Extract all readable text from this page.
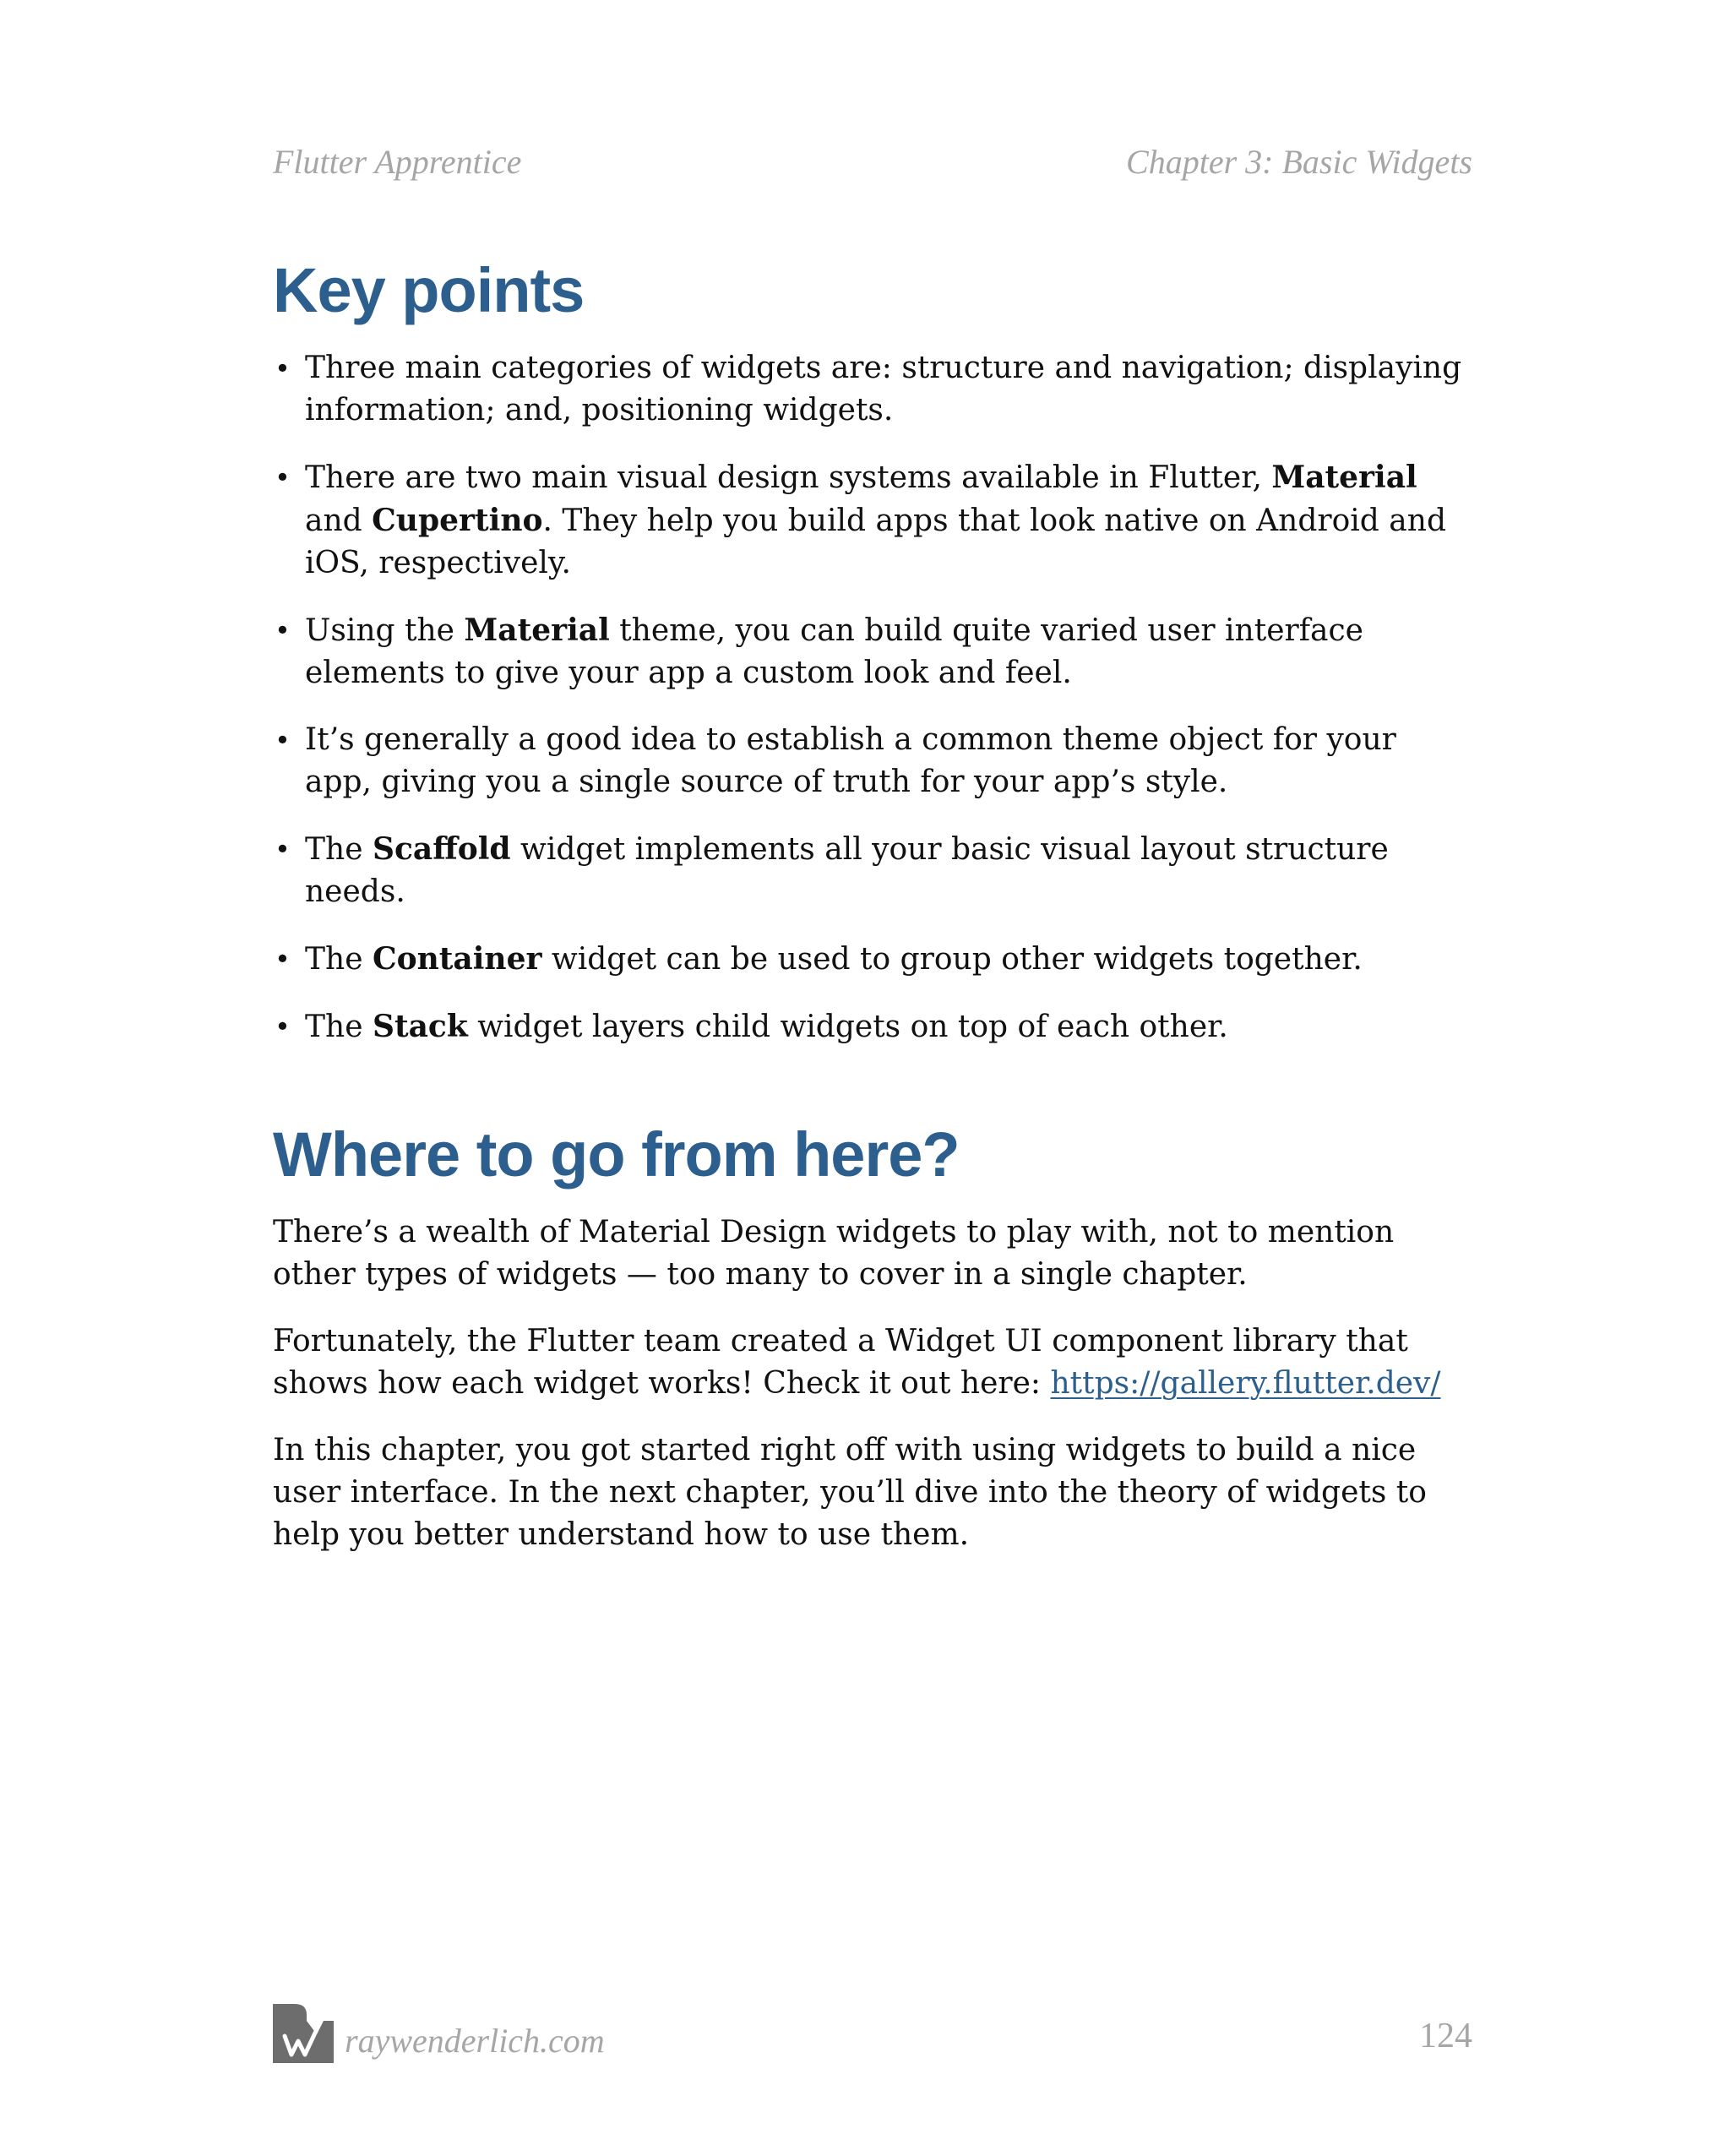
Flutter Apprentice	Chapter 3: Basic Widgets
Key points
• Three main categories of widgets are: structure and navigation; displaying information; and, positioning widgets.
• There are two main visual design systems available in Flutter, Material and Cupertino. They help you build apps that look native on Android and iOS, respectively.
• Using the Material theme, you can build quite varied user interface elements to give your app a custom look and feel.
• It’s generally a good idea to establish a common theme object for your app, giving you a single source of truth for your app’s style.
• The Scaffold widget implements all your basic visual layout structure needs.
• The Container widget can be used to group other widgets together.
• The Stack widget layers child widgets on top of each other.
Where to go from here?

There’s a wealth of Material Design widgets to play with, not to mention other types of widgets — too many to cover in a single chapter.

Fortunately, the Flutter team created a Widget UI component library that shows how each widget works! Check it out here: https://gallery.flutter.dev/

In this chapter, you got started right off with using widgets to build a nice user interface. In the next chapter, you’ll dive into the theory of widgets to help you better understand how to use them.

raywenderlich.com	124
